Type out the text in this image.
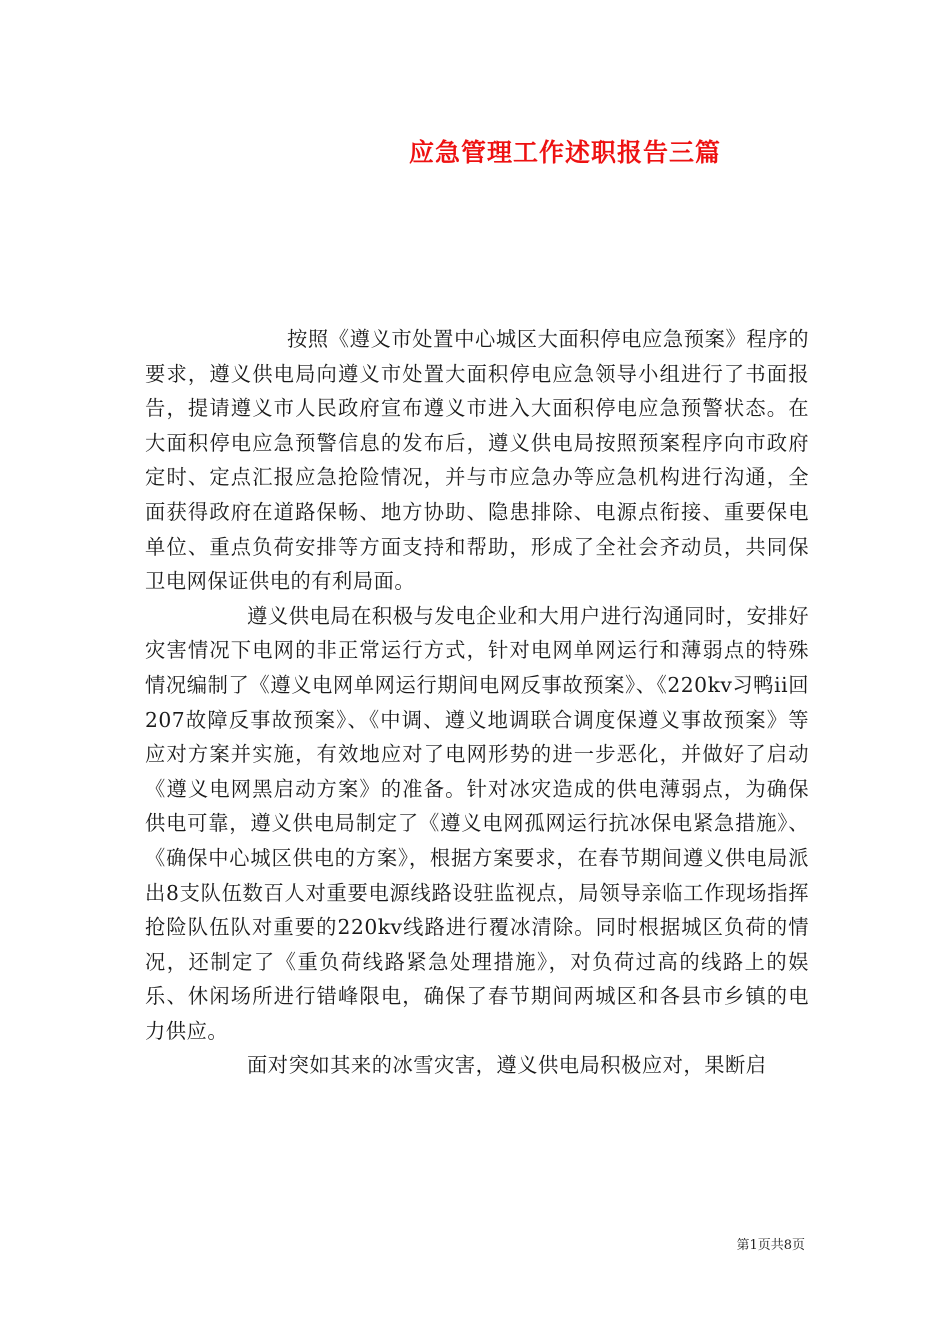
应急管理工作述职报告三篇

按照《遵义市处置中心城区大面积停电应急预案》程序的要求，遵义供电局向遵义市处置大面积停电应急领导小组进行了书面报告，提请遵义市人民政府宣布遵义市进入大面积停电应急预警状态。在大面积停电应急预警信息的发布后，遵义供电局按照预案程序向市政府定时、定点汇报应急抢险情况，并与市应急办等应急机构进行沟通，全面获得政府在道路保畅、地方协助、隐患排除、电源点衔接、重要保电单位、重点负荷安排等方面支持和帮助，形成了全社会齐动员，共同保卫电网保证供电的有利局面。

遵义供电局在积极与发电企业和大用户进行沟通同时，安排好灾害情况下电网的非正常运行方式，针对电网单网运行和薄弱点的特殊情况编制了《遵义电网单网运行期间电网反事故预案》、《220kv习鸭ii回207故障反事故预案》、《中调、遵义地调联合调度保遵义事故预案》等应对方案并实施，有效地应对了电网形势的进一步恶化，并做好了启动《遵义电网黑启动方案》的准备。针对冰灾造成的供电薄弱点，为确保供电可靠，遵义供电局制定了《遵义电网孤网运行抗冰保电紧急措施》、《确保中心城区供电的方案》，根据方案要求，在春节期间遵义供电局派出8支队伍数百人对重要电源线路设驻监视点，局领导亲临工作现场指挥抢险队伍队对重要的220kv线路进行覆冰清除。同时根据城区负荷的情况，还制定了《重负荷线路紧急处理措施》，对负荷过高的线路上的娱乐、休闲场所进行错峰限电，确保了春节期间两城区和各县市乡镇的电力供应。

面对突如其来的冰雪灾害，遵义供电局积极应对，果断启

第1页共8页
